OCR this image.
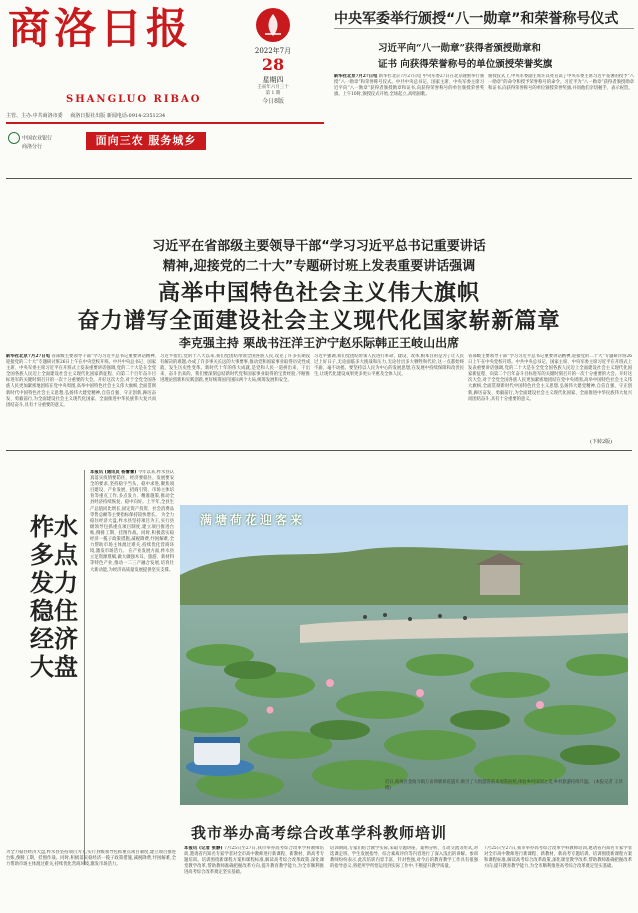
商洛日报
SHANGLUO RIBAO
主管、主办:中共商洛市委 商洛日报社出版 新闻电话:0914-2351234
中国农业银行
商洛分行	面向三农 服务城乡
2022年7月
28
星期四
壬寅年六月三十
第 1 期
今日8版
中央军委举行颁授“八一勋章”和荣誉称号仪式
习近平向“八一勋章”获得者颁授勋章和
证书 向获得荣誉称号的单位颁授荣誉奖旗
新华社北京7月27日电 新华社北京7月27日电 中央军委27日在北京隆重举行颁授“八一勋章”和荣誉称号仪式。中共中央总书记、国家主席、中央军委主席习近平向“八一勋章”获得者颁授勋章和证书,向获得荣誉称号的单位颁授荣誉奖旗。上午10时,颁授仪式开始,全场起立,高唱国歌。
颁授仪式上,中央军委副主席许其亮宣读了中央军委主席习近平签署的授予“八一勋章”的命令和授予荣誉称号的命令。习近平为“八一勋章”获得者颁授勋章和证书,向获得荣誉称号的单位颁授荣誉奖旗,并同他们亲切握手、表示祝贺。
习近平在省部级主要领导干部“学习习近平总书记重要讲话
精神,迎接党的二十大”专题研讨班上发表重要讲话强调
高举中国特色社会主义伟大旗帜
奋力谱写全面建设社会主义现代化国家崭新篇章
李克强主持 栗战书汪洋王沪宁赵乐际韩正王岐山出席
新华社北京7月27日电 省部级主要领导干部“学习习近平总书记重要讲话精神,迎接党的二十大”专题研讨班26日上午在中央党校开班。中共中央总书记、国家主席、中央军委主席习近平在开班式上发表重要讲话强调,党的二十大是在全党全国各族人民迈上全面建设社会主义现代化国家新征程、向第二个百年奋斗目标进军的关键时刻召开的一次十分重要的大会。开好这次大会,对于全党全国各族人民更加紧密地团结在党中央周围,高举中国特色社会主义伟大旗帜,全面贯彻新时代中国特色社会主义思想,弘扬伟大建党精神,自信自强、守正创新,踔厉奋发、勇毅前行,为全面建设社会主义现代化国家、全面推进中华民族伟大复兴而团结奋斗,具有十分重要的意义。
习近平指出,党的十八大以来,我们党团结带领全国各族人民,攻克了许多长期没有解决的难题,办成了许多事关长远的大事要事,推动党和国家事业取得历史性成就、发生历史性变革。新时代十年的伟大成就,是党和人民一道拼出来、干出来、奋斗出来的。我们要深刻总结新时代党和国家事业取得的宝贵经验,不断推进理论创新和实践创新,更好统筹国内国际两个大局,统筹发展和安全。
习近平强调,我们党团结带领人民进行革命、建设、改革,根本目的是为了让人民过上好日子,无论面临多大挑战和压力,无论付出多大牺牲和代价,这一点都始终不渝、毫不动摇。要坚持以人民为中心的发展思想,在发展中持续保障和改善民生,让现代化建设成果更多更公平惠及全体人民。
省部级主要领导干部“学习习近平总书记重要讲话精神,迎接党的二十大”专题研讨班26日上午在中央党校开班。中共中央总书记、国家主席、中央军委主席习近平在开班式上发表重要讲话强调,党的二十大是在全党全国各族人民迈上全面建设社会主义现代化国家新征程、向第二个百年奋斗目标进军的关键时刻召开的一次十分重要的大会。开好这次大会,对于全党全国各族人民更加紧密地团结在党中央周围,高举中国特色社会主义伟大旗帜,全面贯彻新时代中国特色社会主义思想,弘扬伟大建党精神,自信自强、守正创新,踔厉奋发、勇毅前行,为全面建设社会主义现代化国家、全面推进中华民族伟大复兴而团结奋斗,具有十分重要的意义。
(下转2版)
柞水多点发力稳住经济大盘
本报讯 (通讯员 杨蕾蕾) 今年以来,柞水县认真落实疫情要防住、经济要稳住、发展要安全的要求,坚持稳字当头、稳中求进,聚焦项目建设、产业发展、招商引资、市场主体培育等重点工作,多点发力、精准施策,推动全县经济持续恢复、稳中向好。上半年,全县生产总值同比增长,固定资产投资、社会消费品零售总额等主要指标保持较快增长。 为全力稳住经济大盘,柞水县坚持项目为王,实行县级领导包抓重点项目制度,建立项目推进台账,倒排工期、挂图作战。同时,积极落实稳经济一揽子政策措施,减税降费,纾困解难,全力帮助市场主体渡过难关,持续优化营商环境,激发市场活力。 在产业发展方面,柞水县立足资源禀赋,做大做强木耳、旅游、新材料等特色产业,推动一二三产融合发展,培育壮大新动能,为经济高质量发展提供坚实支撑。
为全力稳住经济大盘,柞水县坚持项目为王,实行县级领导包抓重点项目制度,建立项目推进台账,倒排工期、挂图作战。同时,积极落实稳经济一揽子政策措施,减税降费,纾困解难,全力帮助市场主体渡过难关,持续优化营商环境,激发市场活力。
满塘荷花迎客来
近日,商州区金陵寺镇万亩荷塘荷花盛开,吸引了大批游客前来观赏拍照,体验乡村田园之美,乡村旅游持续升温。 (本报记者 王萍 摄)
我市举办高考综合改革学科教师培训
本报讯 (记者 张静) 7月25日至27日,我市举办高考综合改革学科教师培训,邀请省内知名专家学者对全市高中教师进行新课程、新教材、新高考专题培训。培训围绕新课程方案和课程标准,解读高考综合改革政策,深化课堂教学改革,帮助教师准确把握改革方向,提升教育教学能力,为全市顺利推进高考综合改革奠定坚实基础。
培训期间,专家们结合教学实际,采取专题讲座、案例分析、互动交流等形式,对选课走班、学生发展指导、综合素质评价等内容进行了深入浅出的讲解。参训教师纷纷表示,此次培训内容丰富、针对性强,对今后的教育教学工作具有很强的指导意义,将把所学所悟运用到实际工作中,不断提升教学质量。
7月25日至27日,我市举办高考综合改革学科教师培训,邀请省内知名专家学者对全市高中教师进行新课程、新教材、新高考专题培训。培训围绕新课程方案和课程标准,解读高考综合改革政策,深化课堂教学改革,帮助教师准确把握改革方向,提升教育教学能力,为全市顺利推进高考综合改革奠定坚实基础。
